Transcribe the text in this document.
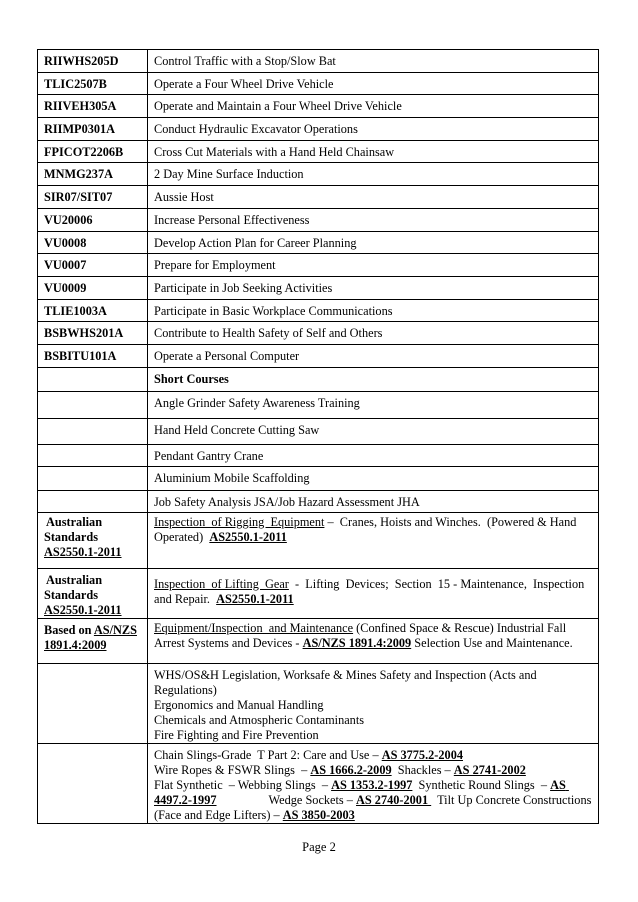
RIIWHS205D	Control Traffic with a Stop/Slow Bat
TLIC2507B	Operate a Four Wheel Drive Vehicle
RIIVEH305A	Operate and Maintain a Four Wheel Drive Vehicle
RIIMP0301A	Conduct Hydraulic Excavator Operations
FPICOT2206B	Cross Cut Materials with a Hand Held Chainsaw
MNMG237A	2 Day Mine Surface Induction
SIR07/SIT07	Aussie Host
VU20006	Increase Personal Effectiveness
VU0008	Develop Action Plan for Career Planning
VU0007	Prepare for Employment
VU0009	Participate in Job Seeking Activities
TLIE1003A	Participate in Basic Workplace Communications
BSBWHS201A	Contribute to Health Safety of Self and Others
BSBITU101A	Operate a Personal Computer
	Short Courses
	Angle Grinder Safety Awareness Training
	Hand Held Concrete Cutting Saw
	Pendant Gantry Crane
	Aluminium Mobile Scaffolding
	Job Safety Analysis JSA/Job Hazard Assessment JHA

Australian
Standards
AS2550.1-2011	Inspection  of Rigging  Equipment –  Cranes, Hoists and Winches.  (Powered & Hand Operated)  AS2550.1-2011

Australian
Standards
AS2550.1-2011	Inspection  of Lifting  Gear  -  Lifting  Devices;  Section  15 - Maintenance,  Inspection and Repair.  AS2550.1-2011

Based on AS/NZS
1891.4:2009	Equipment/Inspection  and Maintenance (Confined Space & Rescue) Industrial Fall Arrest Systems and Devices - AS/NZS 1891.4:2009 Selection Use and Maintenance.

	WHS/OS&H Legislation, Worksafe & Mines Safety and Inspection (Acts and Regulations)
Ergonomics and Manual Handling
Chemicals and Atmospheric Contaminants
Fire Fighting and Fire Prevention

	Chain Slings-Grade  T Part 2: Care and Use – AS 3775.2-2004
Wire Ropes & FSWR Slings  – AS 1666.2-2009  Shackles – AS 2741-2002
Flat Synthetic  – Webbing Slings  – AS 1353.2-1997  Synthetic Round Slings  – AS 4497.2-1997                 Wedge Sockets – AS 2740-2001   Tilt Up Concrete Constructions  (Face and Edge Lifters) – AS 3850-2003
Page 2
